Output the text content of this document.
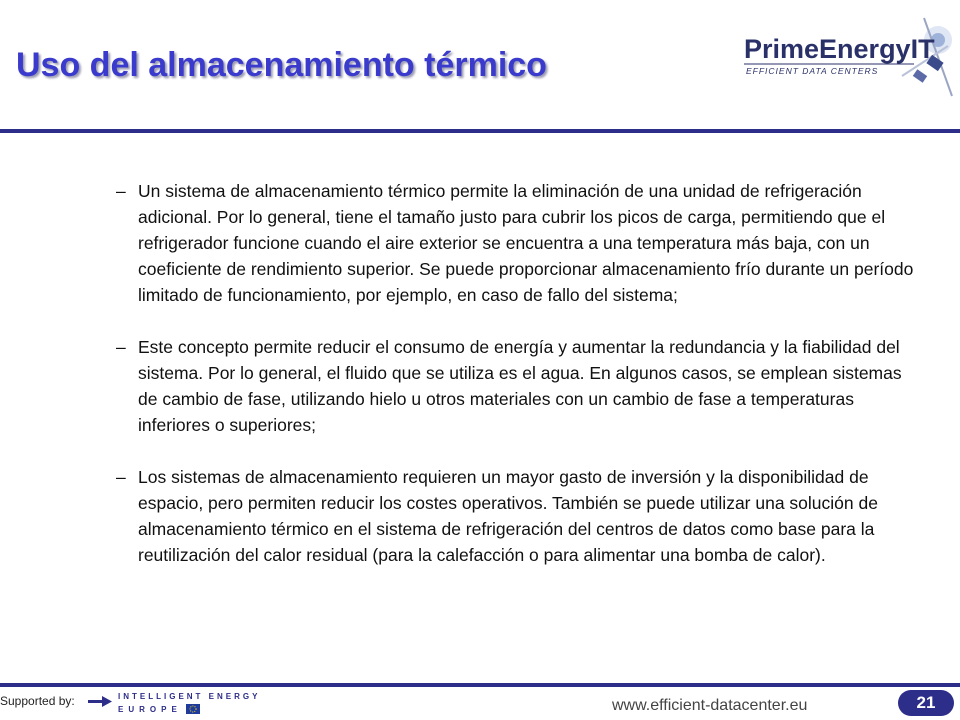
Uso del almacenamiento térmico	PrimeEnergyIT
EFFICIENT DATA CENTERS
– Un sistema de almacenamiento térmico permite la eliminación de una unidad de refrigeración adicional. Por lo general, tiene el tamaño justo para cubrir los picos de carga, permitiendo que el refrigerador funcione cuando el aire exterior se encuentra a una temperatura más baja, con un coeficiente de rendimiento superior. Se puede proporcionar almacenamiento frío durante un período limitado de funcionamiento, por ejemplo, en caso de fallo del sistema;
– Este concepto permite reducir el consumo de energía y aumentar la redundancia y la fiabilidad del sistema. Por lo general, el fluido que se utiliza es el agua. En algunos casos, se emplean sistemas de cambio de fase, utilizando hielo u otros materiales con un cambio de fase a temperaturas inferiores o superiores;
– Los sistemas de almacenamiento requieren un mayor gasto de inversión y la disponibilidad de espacio, pero permiten reducir los costes operativos. También se puede utilizar una solución de almacenamiento térmico en el sistema de refrigeración del centros de datos como base para la reutilización del calor residual (para la calefacción o para alimentar una bomba de calor).
Supported by:	INTELLIGENT ENERGY
EUROPE	www.efficient-datacenter.eu	21
